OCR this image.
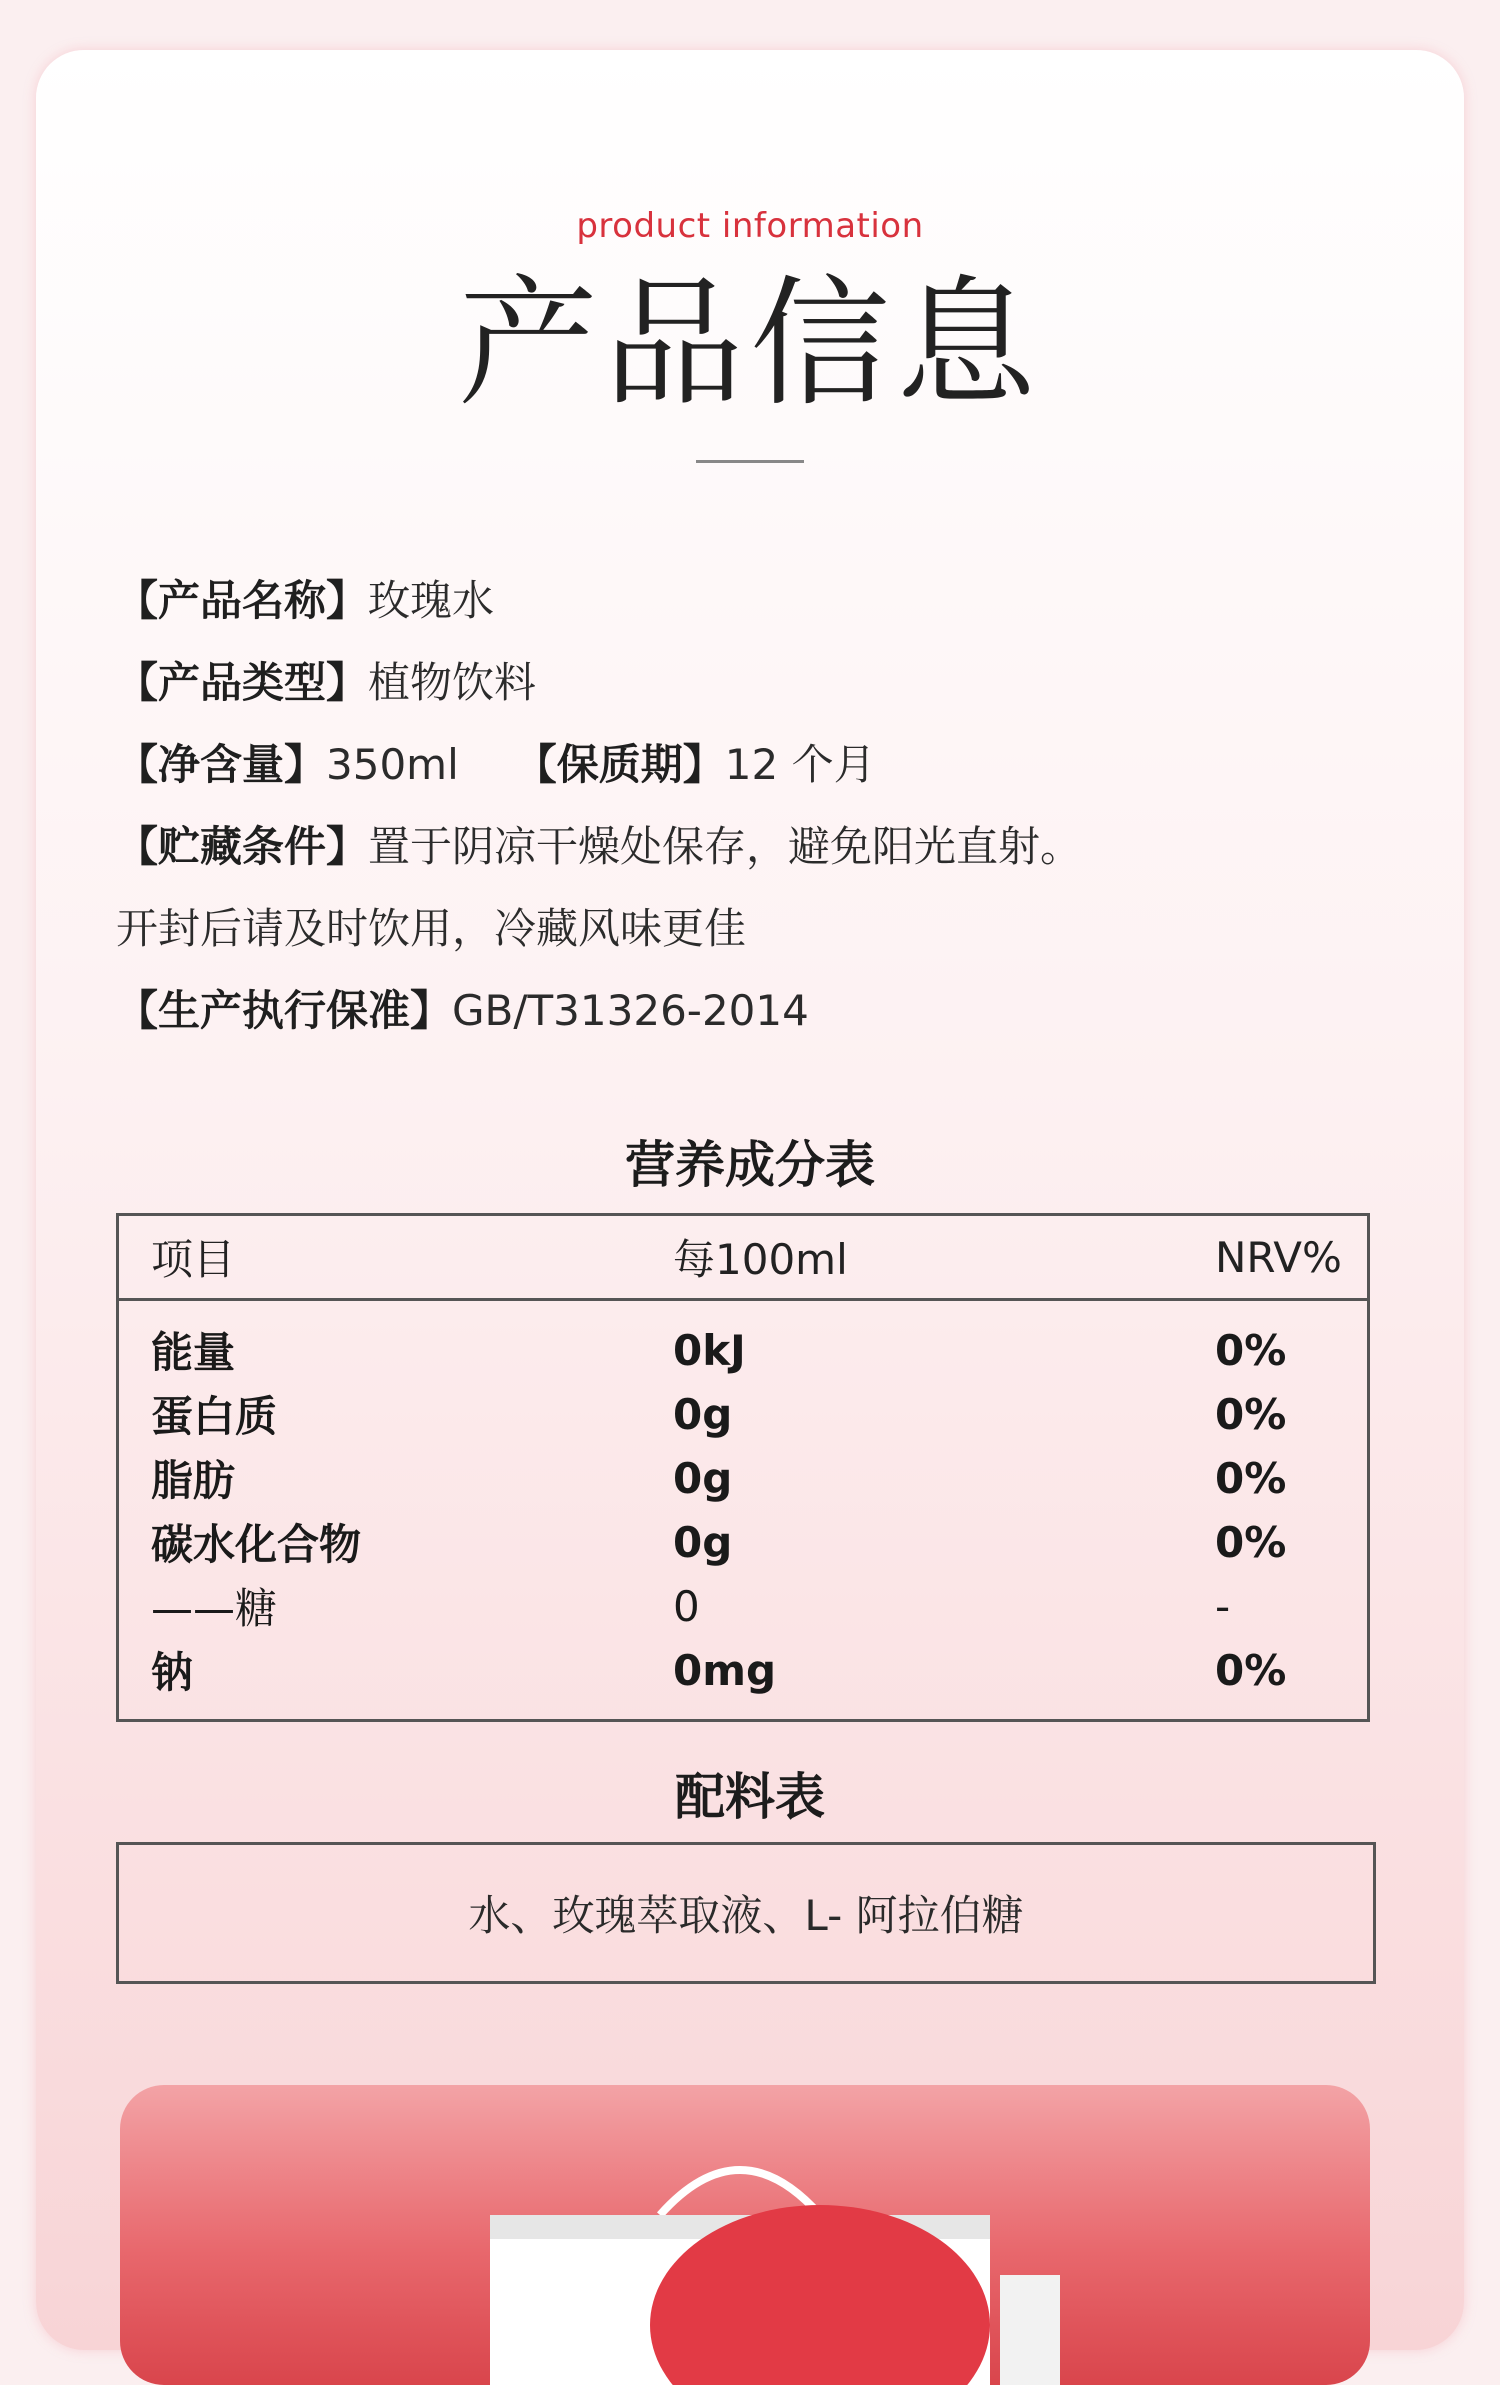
product information
产品信息
【产品名称】玫瑰水
【产品类型】植物饮料
【净含量】350ml 【保质期】12 个月
【贮藏条件】置于阴凉干燥处保存，避免阳光直射。
开封后请及时饮用，冷藏风味更佳
【生产执行保准】GB/T31326-2014
营养成分表
项目	每100ml	NRV%
能量	0kJ	0%
蛋白质	0g	0%
脂肪	0g	0%
碳水化合物	0g	0%
——糖	0	-
钠	0mg	0%
配料表
水、玫瑰萃取液、L- 阿拉伯糖
